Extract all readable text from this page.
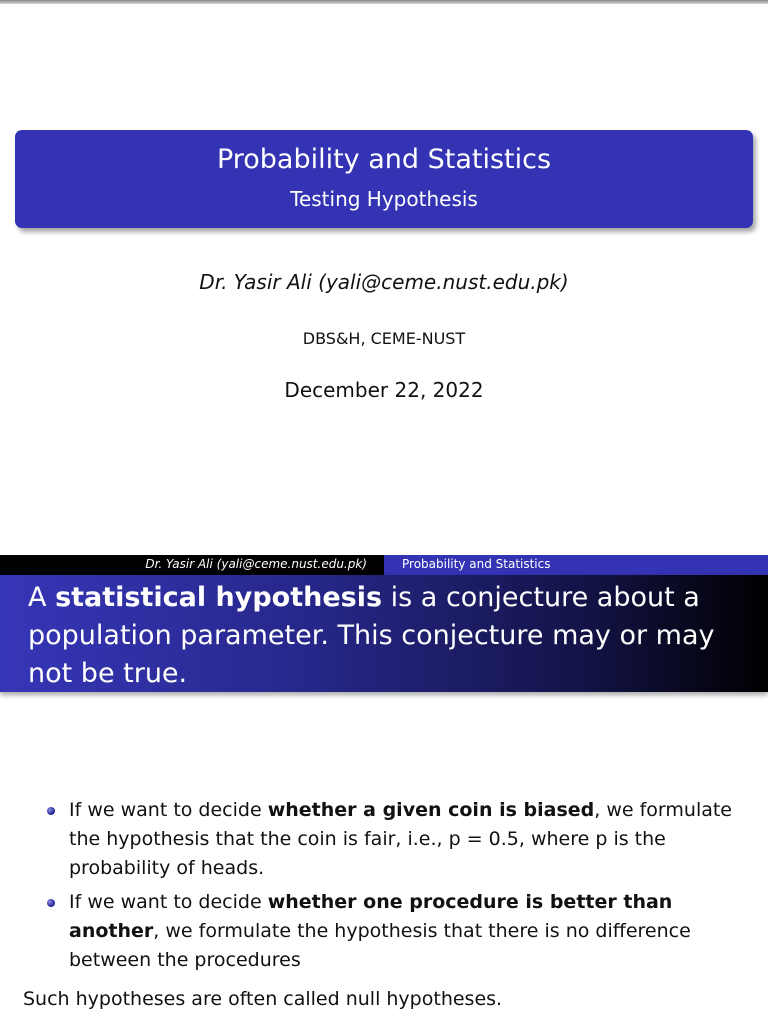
Probability and Statistics
Testing Hypothesis
Dr. Yasir Ali (yali@ceme.nust.edu.pk)
DBS&H, CEME-NUST
December 22, 2022
Dr. Yasir Ali (yali@ceme.nust.edu.pk)	Probability and Statistics

A statistical hypothesis is a conjecture about a population parameter. This conjecture may or may not be true.

If we want to decide whether a given coin is biased, we formulate the hypothesis that the coin is fair, i.e., p = 0.5, where p is the probability of heads.
If we want to decide whether one procedure is better than another, we formulate the hypothesis that there is no difference between the procedures
Such hypotheses are often called null hypotheses.
